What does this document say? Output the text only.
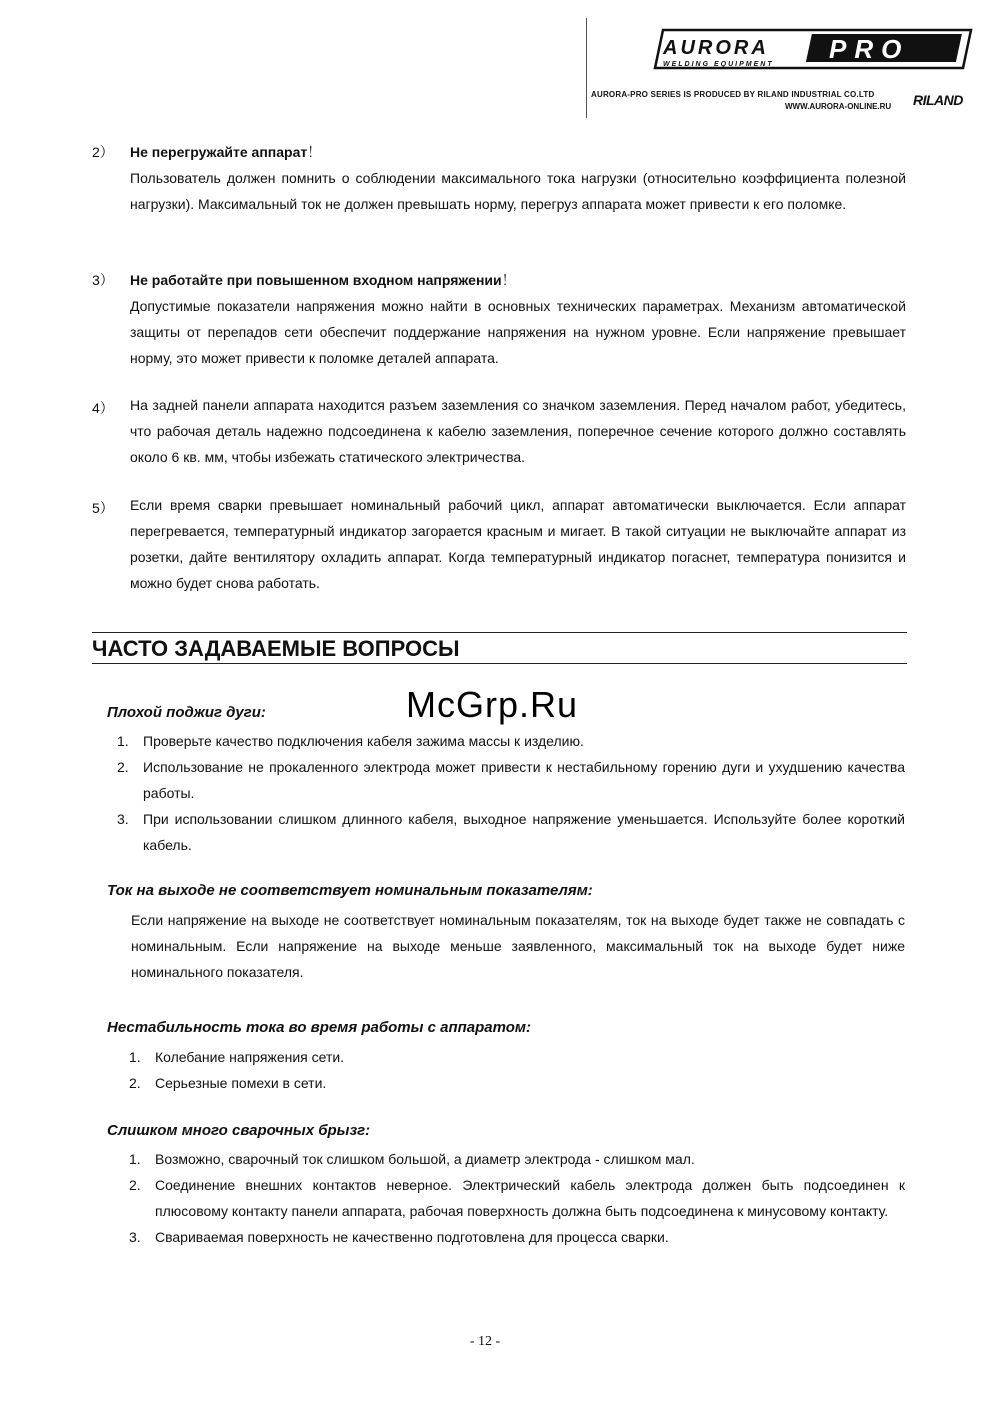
AURORA
WELDING EQUIPMENT
PRO
AURORA-PRO SERIES IS PRODUCED BY RILAND INDUSTRIAL CO.LTD
WWW.AURORA-ONLINE.RU RILAND
2） Не перегружайте аппарат！
Пользователь должен помнить о соблюдении максимального тока нагрузки (относительно коэффициента полезной нагрузки). Максимальный ток не должен превышать норму, перегруз аппарата может привести к его поломке.
3） Не работайте при повышенном входном напряжении！
Допустимые показатели напряжения можно найти в основных технических параметрах. Механизм автоматической защиты от перепадов сети обеспечит поддержание напряжения на нужном уровне. Если напряжение превышает норму, это может привести к поломке деталей аппарата.
4） На задней панели аппарата находится разъем заземления со значком заземления. Перед началом работ, убедитесь, что рабочая деталь надежно подсоединена к кабелю заземления, поперечное сечение которого должно составлять около 6 кв. мм, чтобы избежать статического электричества.
5） Если время сварки превышает номинальный рабочий цикл, аппарат автоматически выключается. Если аппарат перегревается, температурный индикатор загорается красным и мигает. В такой ситуации не выключайте аппарат из розетки, дайте вентилятору охладить аппарат. Когда температурный индикатор погаснет, температура понизится и можно будет снова работать.
ЧАСТО ЗАДАВАЕМЫЕ ВОПРОСЫ
McGrp.Ru
Плохой поджиг дуги:
1. Проверьте качество подключения кабеля зажима массы к изделию.
2. Использование не прокаленного электрода может привести к нестабильному горению дуги и ухудшению качества работы.
3. При использовании слишком длинного кабеля, выходное напряжение уменьшается. Используйте более короткий кабель.
Ток на выходе не соответствует номинальным показателям:
Если напряжение на выходе не соответствует номинальным показателям, ток на выходе будет также не совпадать с номинальным. Если напряжение на выходе меньше заявленного, максимальный ток на выходе будет ниже номинального показателя.
Нестабильность тока во время работы с аппаратом:
1. Колебание напряжения сети.
2. Серьезные помехи в сети.
Слишком много сварочных брызг:
1. Возможно, сварочный ток слишком большой, а диаметр электрода - слишком мал.
2. Соединение внешних контактов неверное. Электрический кабель электрода должен быть подсоединен к плюсовому контакту панели аппарата, рабочая поверхность должна быть подсоединена к минусовому контакту.
3. Свариваемая поверхность не качественно подготовлена для процесса сварки.
- 12 -
